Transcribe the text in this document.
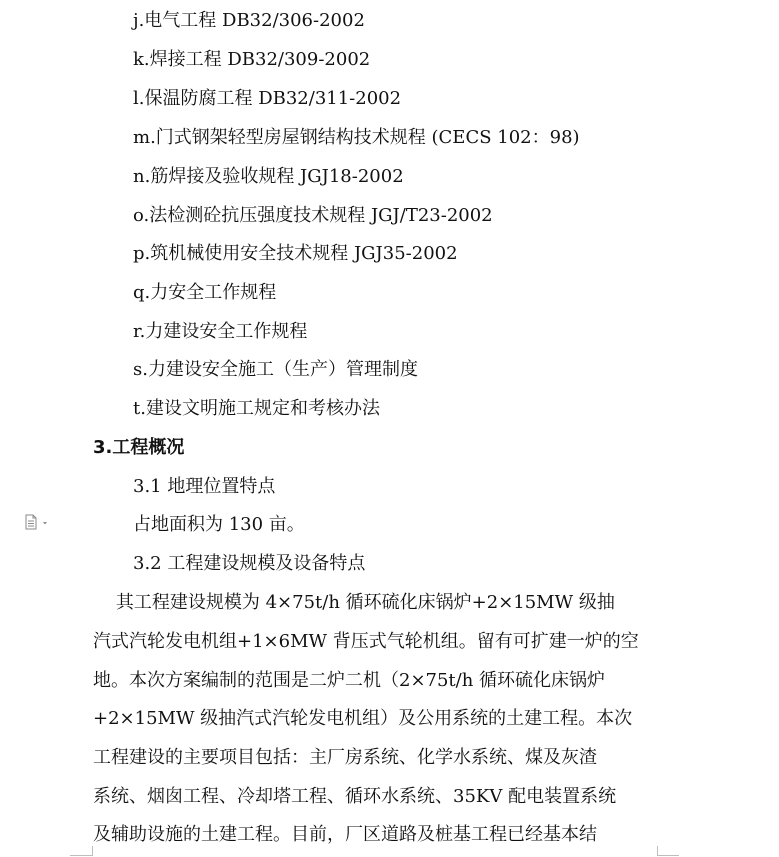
j.电气工程 DB32/306-2002
k.焊接工程 DB32/309-2002
l.保温防腐工程 DB32/311-2002
m.门式钢架轻型房屋钢结构技术规程 (CECS 102：98)
n.筋焊接及验收规程 JGJ18-2002
o.法检测砼抗压强度技术规程 JGJ/T23-2002
p.筑机械使用安全技术规程 JGJ35-2002
q.力安全工作规程
r.力建设安全工作规程
s.力建设安全施工（生产）管理制度
t.建设文明施工规定和考核办法
3.工程概况
3.1 地理位置特点
占地面积为 130 亩。
3.2 工程建设规模及设备特点
其工程建设规模为 4×75t/h 循环硫化床锅炉+2×15MW 级抽
汽式汽轮发电机组+1×6MW 背压式气轮机组。留有可扩建一炉的空
地。本次方案编制的范围是二炉二机（2×75t/h 循环硫化床锅炉
+2×15MW 级抽汽式汽轮发电机组）及公用系统的土建工程。本次
工程建设的主要项目包括：主厂房系统、化学水系统、煤及灰渣
系统、烟囱工程、冷却塔工程、循环水系统、35KV 配电装置系统
及辅助设施的土建工程。目前，厂区道路及桩基工程已经基本结
